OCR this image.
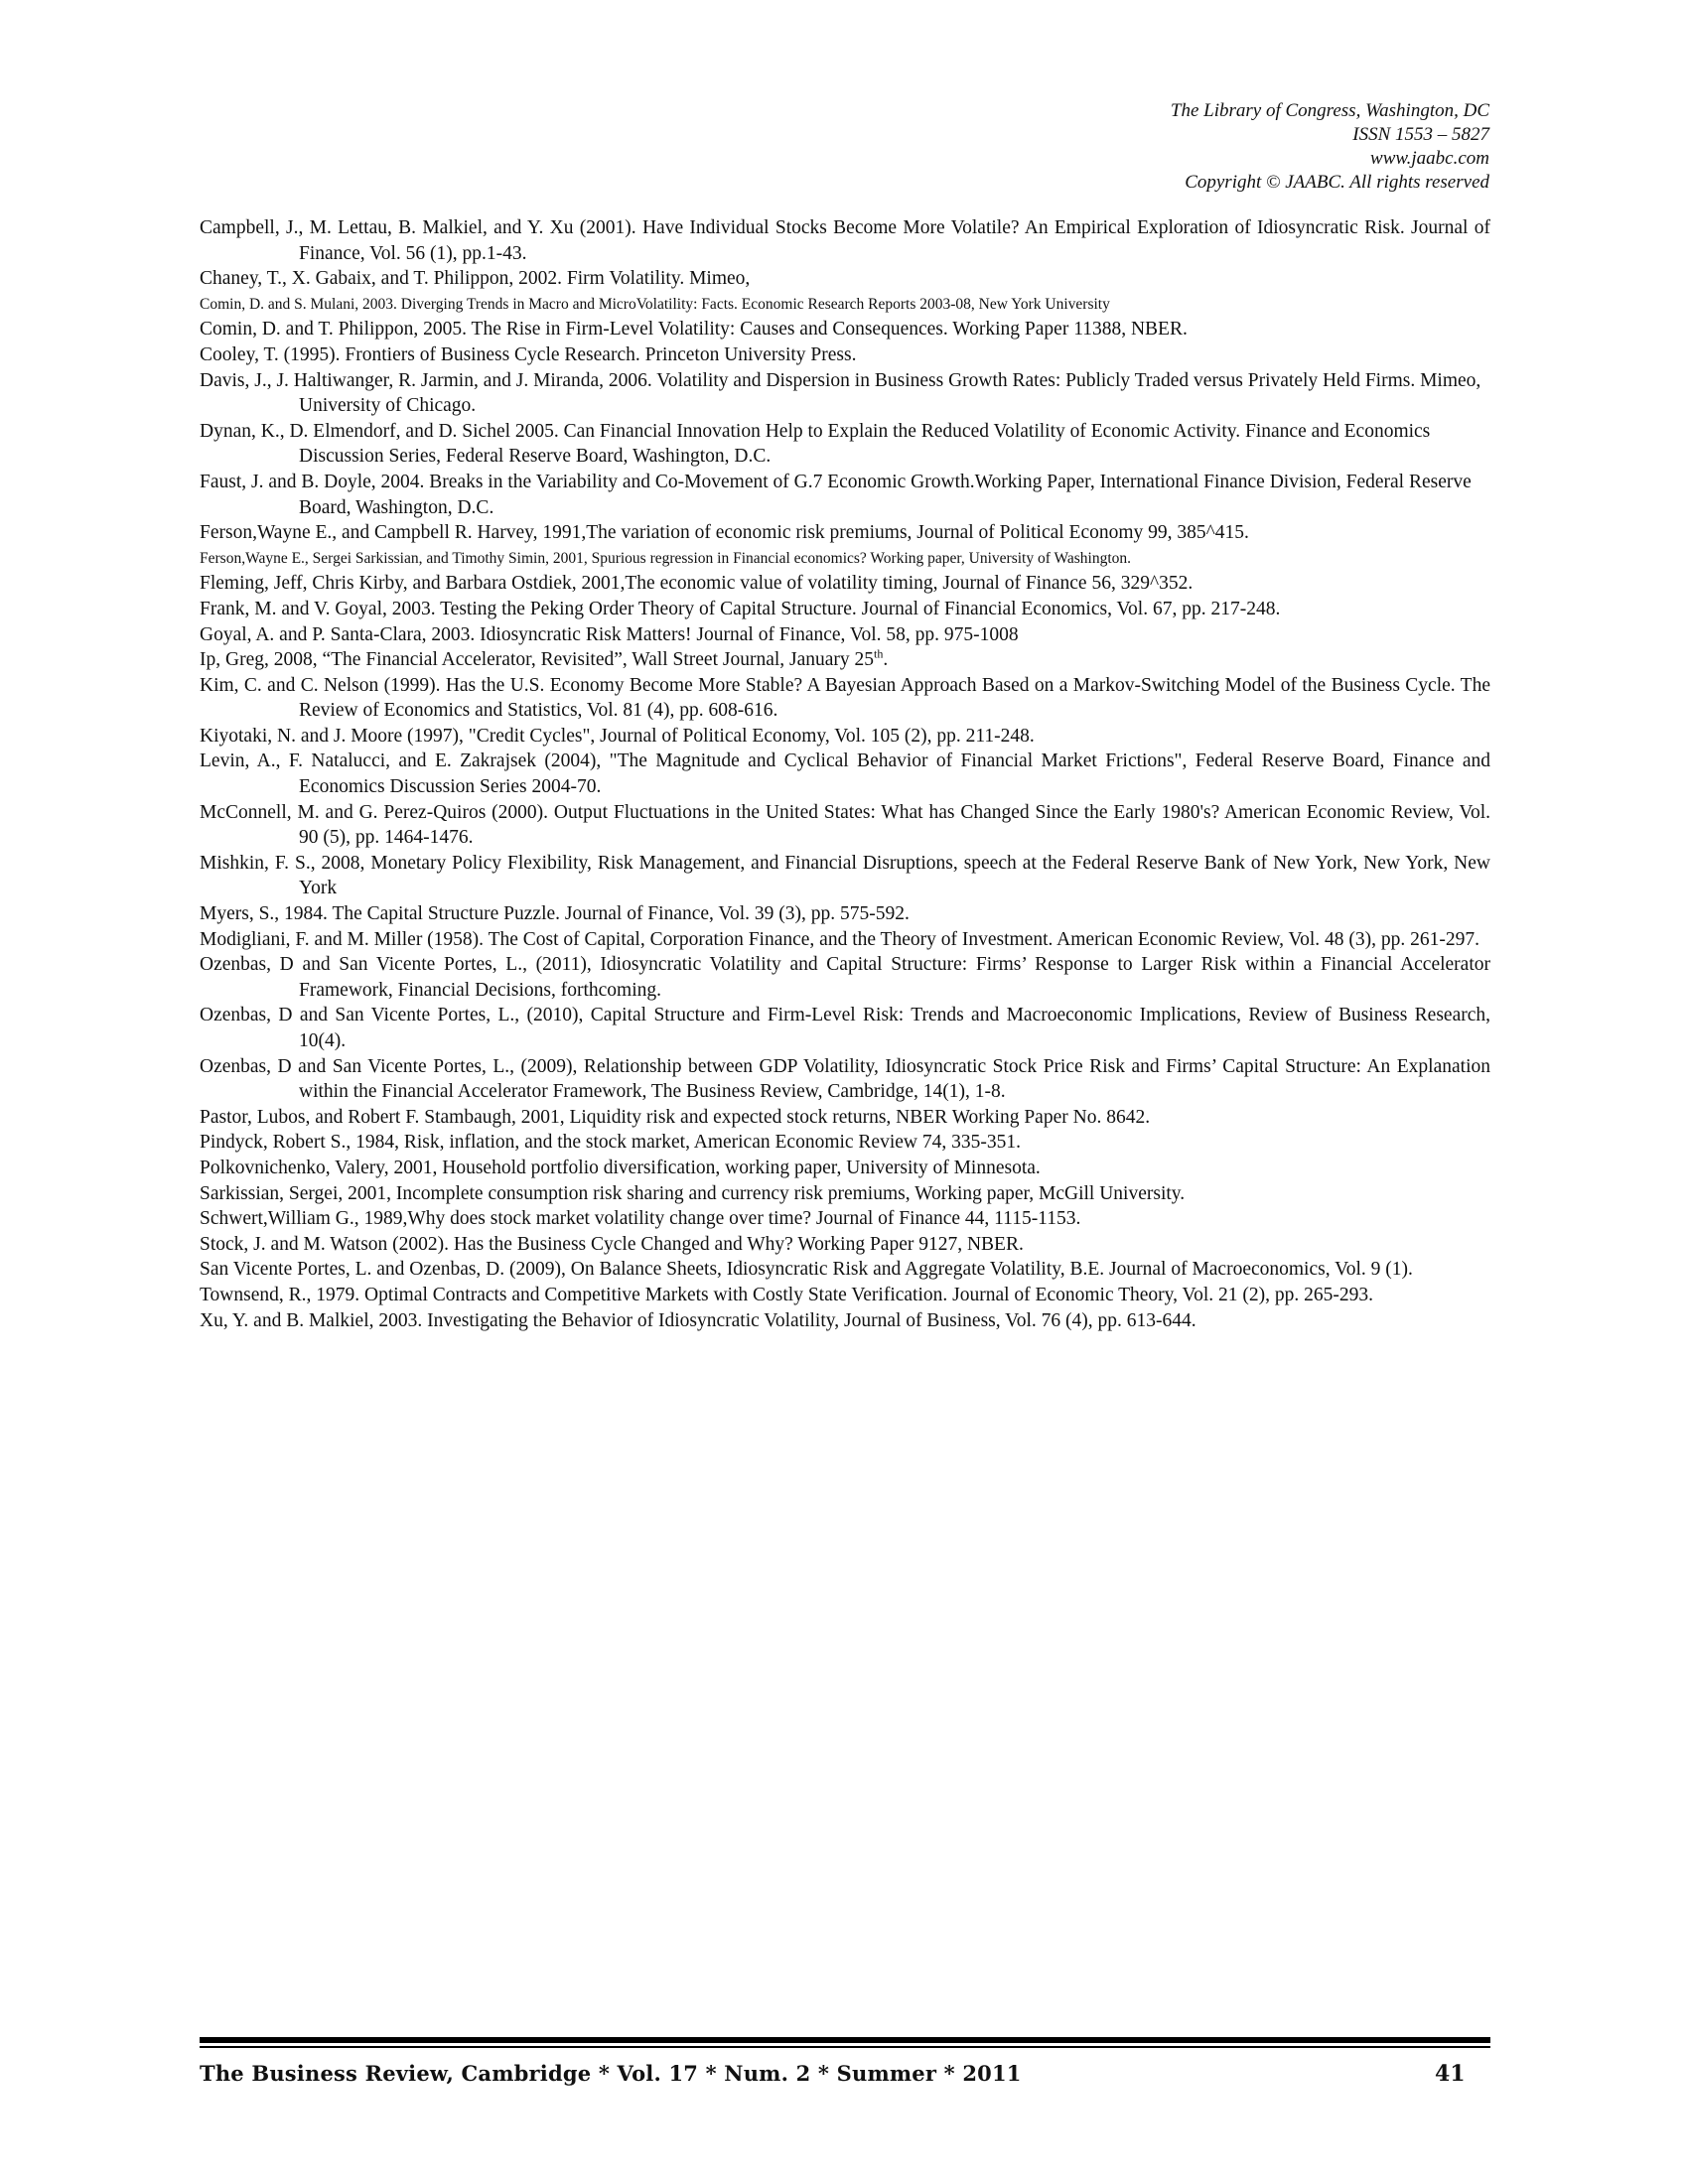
The Library of Congress, Washington, DC
ISSN 1553 – 5827
www.jaabc.com
Copyright © JAABC. All rights reserved
Campbell, J., M. Lettau, B. Malkiel, and Y. Xu (2001). Have Individual Stocks Become More Volatile? An Empirical Exploration of Idiosyncratic Risk. Journal of Finance, Vol. 56 (1), pp.1-43.
Chaney, T., X. Gabaix, and T. Philippon, 2002. Firm Volatility. Mimeo,
Comin, D. and S. Mulani, 2003. Diverging Trends in Macro and MicroVolatility: Facts. Economic Research Reports 2003-08, New York University
Comin, D. and T. Philippon, 2005. The Rise in Firm-Level Volatility: Causes and Consequences. Working Paper 11388, NBER.
Cooley, T. (1995). Frontiers of Business Cycle Research. Princeton University Press.
Davis, J., J. Haltiwanger, R. Jarmin, and J. Miranda, 2006. Volatility and Dispersion in Business Growth Rates: Publicly Traded versus Privately Held Firms. Mimeo, University of Chicago.
Dynan, K., D. Elmendorf, and D. Sichel 2005. Can Financial Innovation Help to Explain the Reduced Volatility of Economic Activity. Finance and Economics Discussion Series, Federal Reserve Board, Washington, D.C.
Faust, J. and B. Doyle, 2004. Breaks in the Variability and Co-Movement of G.7 Economic Growth.Working Paper, International Finance Division, Federal Reserve Board, Washington, D.C.
Ferson,Wayne E., and Campbell R. Harvey, 1991,The variation of economic risk premiums, Journal of Political Economy 99, 385^415.
Ferson,Wayne E., Sergei Sarkissian, and Timothy Simin, 2001, Spurious regression in Financial economics? Working paper, University of Washington.
Fleming, Jeff, Chris Kirby, and Barbara Ostdiek, 2001,The economic value of volatility timing, Journal of Finance 56, 329^352.
Frank, M. and V. Goyal, 2003. Testing the Peking Order Theory of Capital Structure. Journal of Financial Economics, Vol. 67, pp. 217-248.
Goyal, A. and P. Santa-Clara, 2003. Idiosyncratic Risk Matters! Journal of Finance, Vol. 58, pp. 975-1008
Ip, Greg, 2008, “The Financial Accelerator, Revisited”, Wall Street Journal, January 25th.
Kim, C. and C. Nelson (1999). Has the U.S. Economy Become More Stable? A Bayesian Approach Based on a Markov-Switching Model of the Business Cycle. The Review of Economics and Statistics, Vol. 81 (4), pp. 608-616.
Kiyotaki, N. and J. Moore (1997), "Credit Cycles", Journal of Political Economy, Vol. 105 (2), pp. 211-248.
Levin, A., F. Natalucci, and E. Zakrajsek (2004), "The Magnitude and Cyclical Behavior of Financial Market Frictions", Federal Reserve Board, Finance and Economics Discussion Series 2004-70.
McConnell, M. and G. Perez-Quiros (2000). Output Fluctuations in the United States: What has Changed Since the Early 1980's? American Economic Review, Vol. 90 (5), pp. 1464-1476.
Mishkin, F. S., 2008, Monetary Policy Flexibility, Risk Management, and Financial Disruptions, speech at the Federal Reserve Bank of New York, New York, New York
Myers, S., 1984. The Capital Structure Puzzle. Journal of Finance, Vol. 39 (3), pp. 575-592.
Modigliani, F. and M. Miller (1958). The Cost of Capital, Corporation Finance, and the Theory of Investment. American Economic Review, Vol. 48 (3), pp. 261-297.
Ozenbas, D and San Vicente Portes, L., (2011), Idiosyncratic Volatility and Capital Structure: Firms’ Response to Larger Risk within a Financial Accelerator Framework, Financial Decisions, forthcoming.
Ozenbas, D and San Vicente Portes, L., (2010), Capital Structure and Firm-Level Risk: Trends and Macroeconomic Implications, Review of Business Research, 10(4).
Ozenbas, D and San Vicente Portes, L., (2009), Relationship between GDP Volatility, Idiosyncratic Stock Price Risk and Firms’ Capital Structure: An Explanation within the Financial Accelerator Framework, The Business Review, Cambridge, 14(1), 1-8.
Pastor, Lubos, and Robert F. Stambaugh, 2001, Liquidity risk and expected stock returns, NBER Working Paper No. 8642.
Pindyck, Robert S., 1984, Risk, inflation, and the stock market, American Economic Review 74, 335-351.
Polkovnichenko, Valery, 2001, Household portfolio diversification, working paper, University of Minnesota.
Sarkissian, Sergei, 2001, Incomplete consumption risk sharing and currency risk premiums, Working paper, McGill University.
Schwert,William G., 1989,Why does stock market volatility change over time? Journal of Finance 44, 1115-1153.
Stock, J. and M. Watson (2002). Has the Business Cycle Changed and Why? Working Paper 9127, NBER.
San Vicente Portes, L. and Ozenbas, D. (2009), On Balance Sheets, Idiosyncratic Risk and Aggregate Volatility, B.E. Journal of Macroeconomics, Vol. 9 (1).
Townsend, R., 1979. Optimal Contracts and Competitive Markets with Costly State Verification. Journal of Economic Theory, Vol. 21 (2), pp. 265-293.
Xu, Y. and B. Malkiel, 2003. Investigating the Behavior of Idiosyncratic Volatility, Journal of Business, Vol. 76 (4), pp. 613-644.
The Business Review, Cambridge * Vol. 17 * Num. 2 * Summer * 2011	41
